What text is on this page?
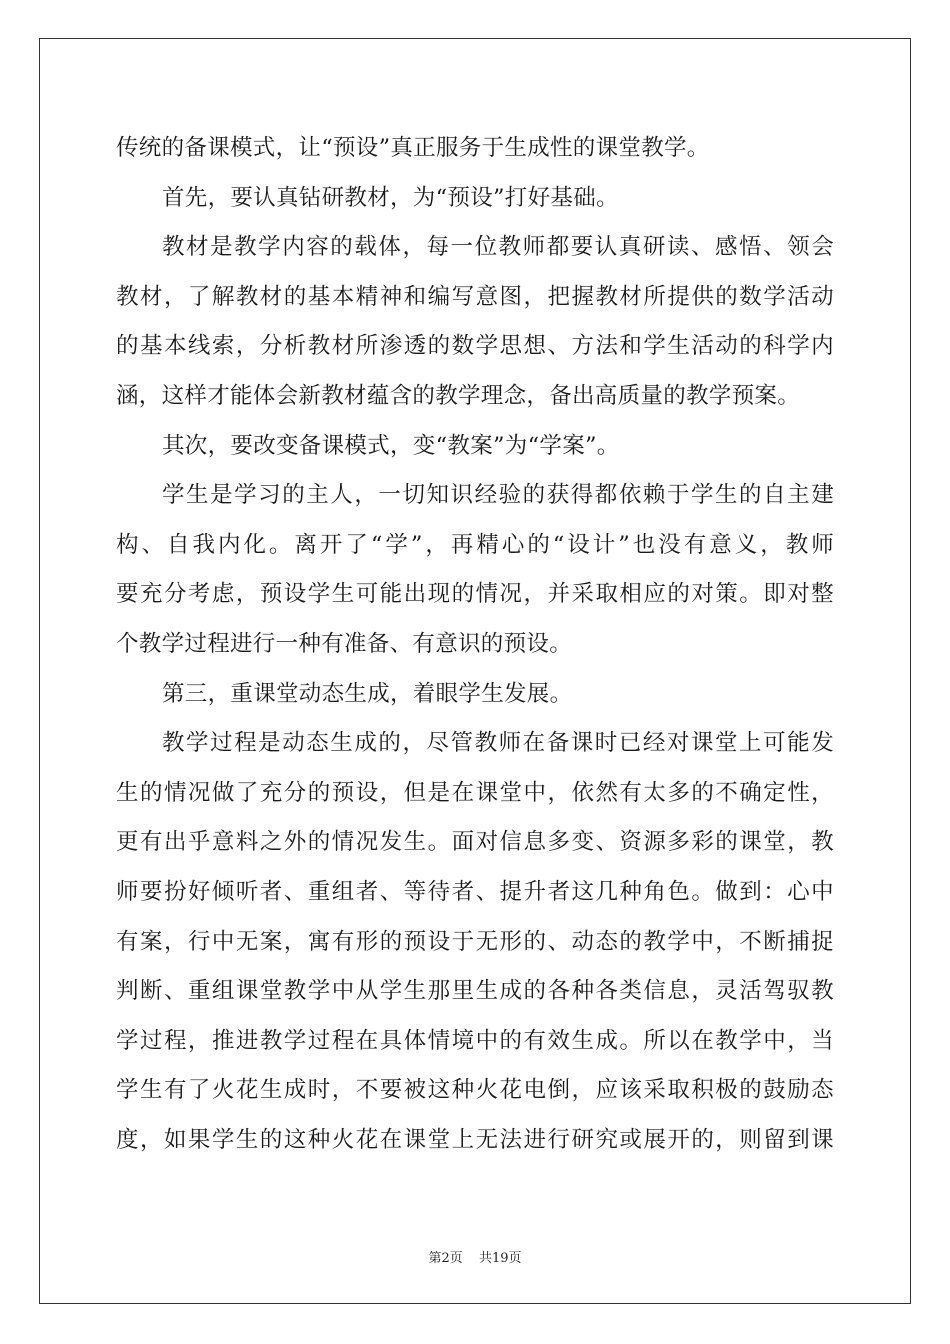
传统的备课模式，让“预设”真正服务于生成性的课堂教学。
首先，要认真钻研教材，为“预设”打好基础。
教材是教学内容的载体，每一位教师都要认真研读、感悟、领会
教材，了解教材的基本精神和编写意图，把握教材所提供的数学活动
的基本线索，分析教材所渗透的数学思想、方法和学生活动的科学内
涵，这样才能体会新教材蕴含的教学理念，备出高质量的教学预案。
其次，要改变备课模式，变“教案”为“学案”。
学生是学习的主人，一切知识经验的获得都依赖于学生的自主建
构、自我内化。离开了“学”，再精心的“设计”也没有意义，教师
要充分考虑，预设学生可能出现的情况，并采取相应的对策。即对整
个教学过程进行一种有准备、有意识的预设。
第三，重课堂动态生成，着眼学生发展。
教学过程是动态生成的，尽管教师在备课时已经对课堂上可能发
生的情况做了充分的预设，但是在课堂中，依然有太多的不确定性，
更有出乎意料之外的情况发生。面对信息多变、资源多彩的课堂，教
师要扮好倾听者、重组者、等待者、提升者这几种角色。做到：心中
有案，行中无案，寓有形的预设于无形的、动态的教学中，不断捕捉
判断、重组课堂教学中从学生那里生成的各种各类信息，灵活驾驭教
学过程，推进教学过程在具体情境中的有效生成。所以在教学中，当
学生有了火花生成时，不要被这种火花电倒，应该采取积极的鼓励态
度，如果学生的这种火花在课堂上无法进行研究或展开的，则留到课
第2页 共19页
